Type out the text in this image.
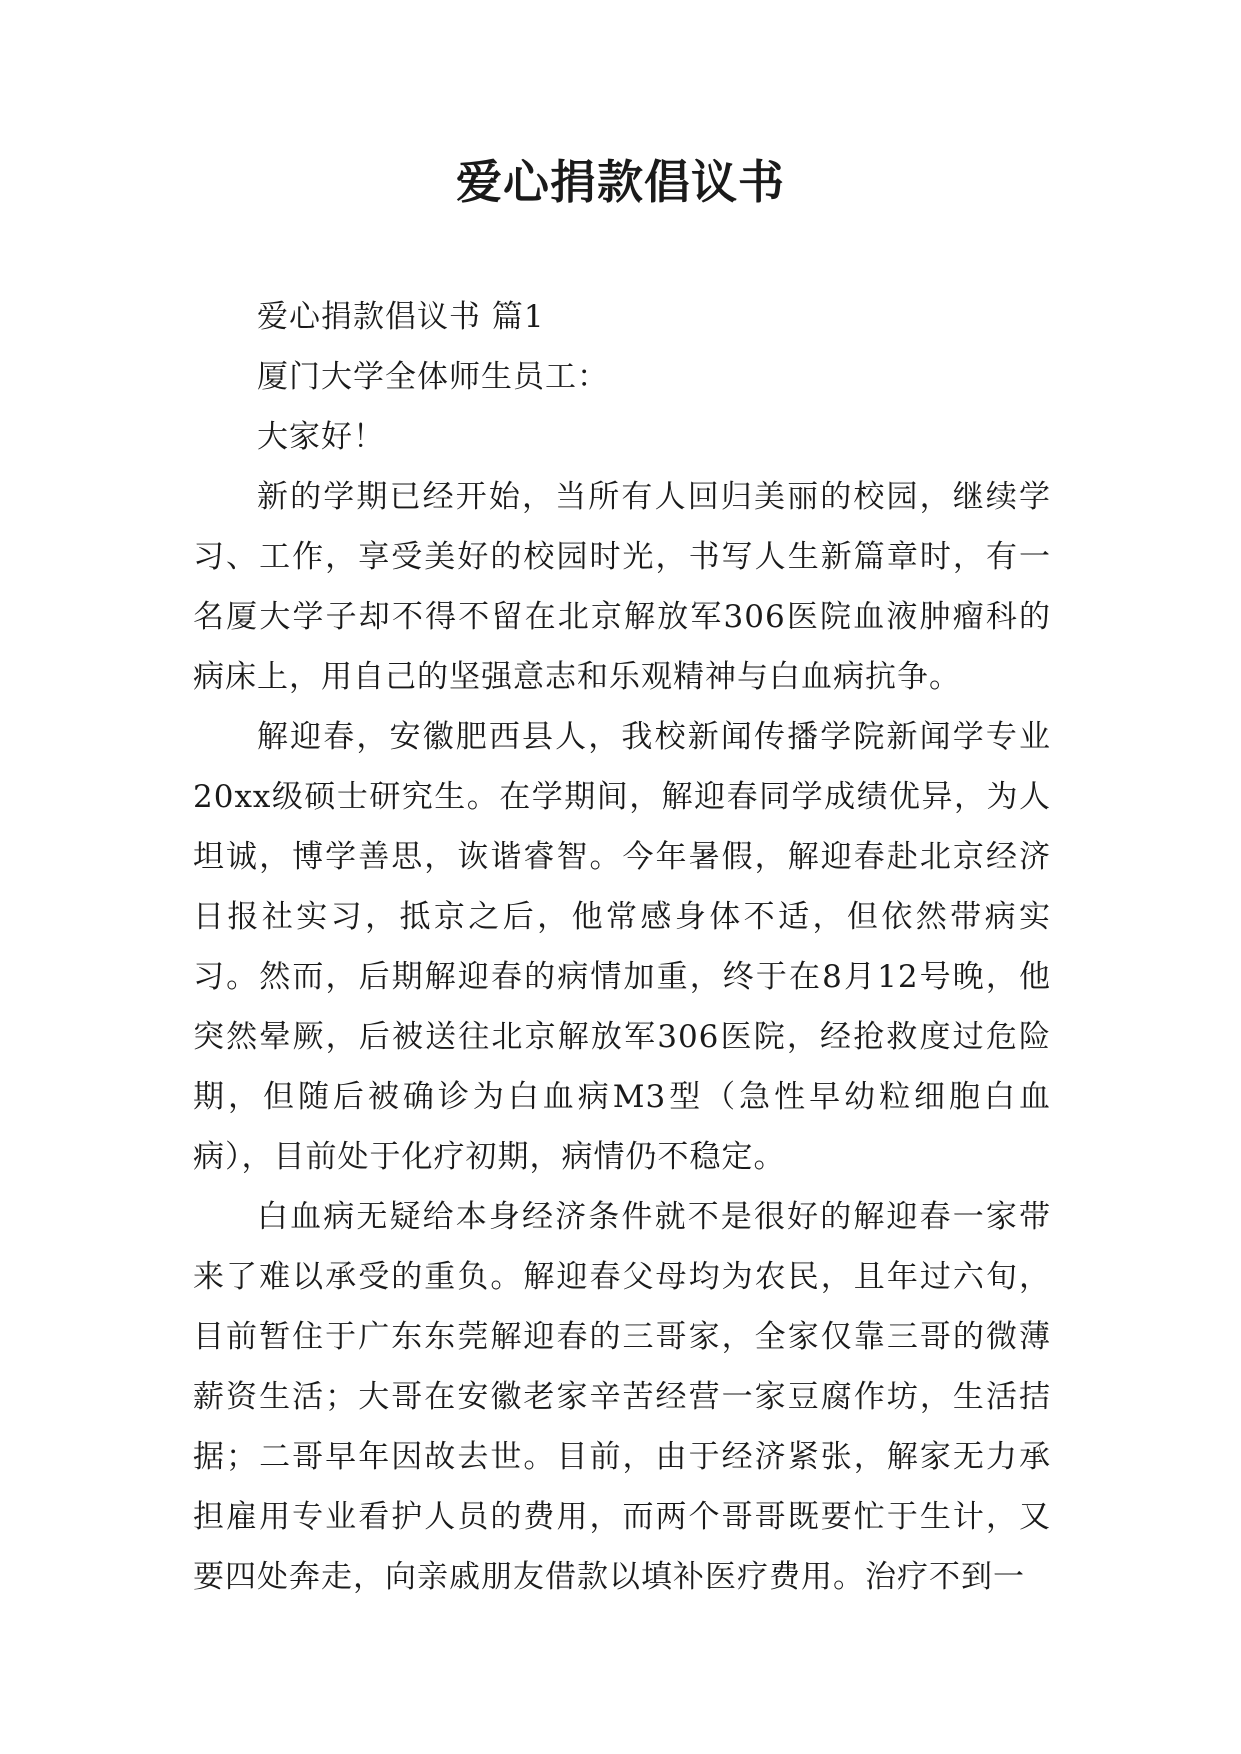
爱心捐款倡议书

爱心捐款倡议书 篇1

厦门大学全体师生员工：

大家好！

新的学期已经开始，当所有人回归美丽的校园，继续学习、工作，享受美好的校园时光，书写人生新篇章时，有一名厦大学子却不得不留在北京解放军306医院血液肿瘤科的病床上，用自己的坚强意志和乐观精神与白血病抗争。

解迎春，安徽肥西县人，我校新闻传播学院新闻学专业20xx级硕士研究生。在学期间，解迎春同学成绩优异，为人坦诚，博学善思，诙谐睿智。今年暑假，解迎春赴北京经济日报社实习，抵京之后，他常感身体不适，但依然带病实习。然而，后期解迎春的病情加重，终于在8月12号晚，他突然晕厥，后被送往北京解放军306医院，经抢救度过危险期，但随后被确诊为白血病M3型（急性早幼粒细胞白血病），目前处于化疗初期，病情仍不稳定。

白血病无疑给本身经济条件就不是很好的解迎春一家带来了难以承受的重负。解迎春父母均为农民，且年过六旬，目前暂住于广东东莞解迎春的三哥家，全家仅靠三哥的微薄薪资生活；大哥在安徽老家辛苦经营一家豆腐作坊，生活拮据；二哥早年因故去世。目前，由于经济紧张，解家无力承担雇用专业看护人员的费用，而两个哥哥既要忙于生计，又要四处奔走，向亲戚朋友借款以填补医疗费用。治疗不到一
